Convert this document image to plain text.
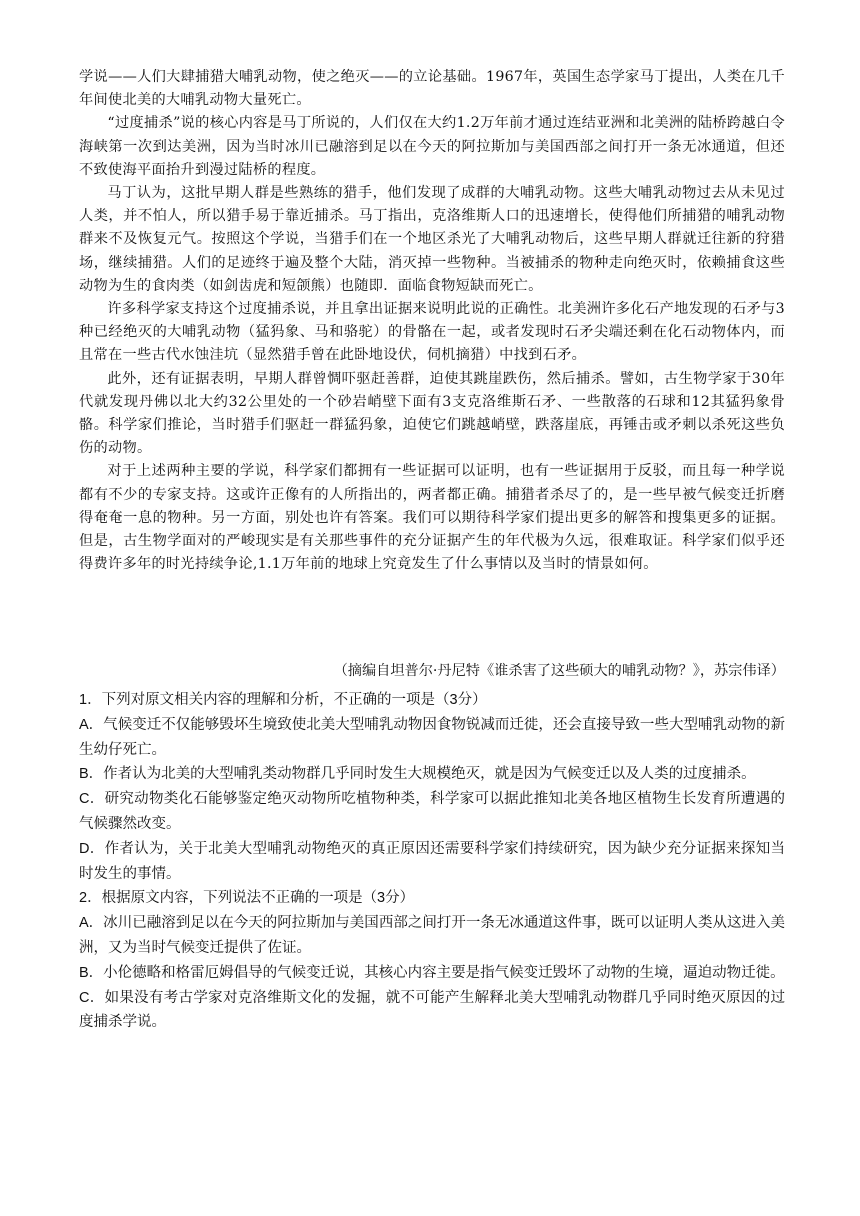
学说——人们大肆捕猎大哺乳动物，使之绝灭——的立论基础。1967年，英国生态学家马丁提出，人类在几千年间使北美的大哺乳动物大量死亡。

“过度捕杀”说的核心内容是马丁所说的，人们仅在大约1.2万年前才通过连结亚洲和北美洲的陆桥跨越白令海峡第一次到达美洲，因为当时冰川已融溶到足以在今天的阿拉斯加与美国西部之间打开一条无冰通道，但还不致使海平面抬升到漫过陆桥的程度。

马丁认为，这批早期人群是些熟练的猎手，他们发现了成群的大哺乳动物。这些大哺乳动物过去从未见过人类，并不怕人，所以猎手易于靠近捕杀。马丁指出，克洛维斯人口的迅速增长，使得他们所捕猎的哺乳动物群来不及恢复元气。按照这个学说，当猎手们在一个地区杀光了大哺乳动物后，这些早期人群就迁往新的狩猎场，继续捕猎。人们的足迹终于遍及整个大陆，消灭掉一些物种。当被捕杀的物种走向绝灭时，依赖捕食这些动物为生的食肉类（如剑齿虎和短颌熊）也随即．面临食物短缺而死亡。

许多科学家支持这个过度捕杀说，并且拿出证据来说明此说的正确性。北美洲许多化石产地发现的石矛与3种已经绝灭的大哺乳动物（猛犸象、马和骆驼）的骨骼在一起，或者发现时石矛尖端还剩在化石动物体内，而且常在一些古代水蚀洼坑（显然猎手曾在此卧地设伏，伺机摘猎）中找到石矛。

此外，还有证据表明，早期人群曾惆吓驱赶善群，迫使其跳崖跌伤，然后捕杀。譬如，古生物学家于30年代就发现丹佛以北大约32公里处的一个砂岩峭壁下面有3支克洛维斯石矛、一些散落的石球和12其猛犸象骨骼。科学家们推论，当时猎手们驱赶一群猛犸象，迫使它们跳越峭壁，跌落崖底，再锤击或矛刺以杀死这些负伤的动物。

对于上述两种主要的学说，科学家们都拥有一些证据可以证明，也有一些证据用于反驳，而且每一种学说都有不少的专家支持。这或许正像有的人所指出的，两者都正确。捕猎者杀尽了的，是一些早被气候变迁折磨得奄奄一息的物种。另一方面，别处也许有答案。我们可以期待科学家们提出更多的解答和搜集更多的证据。但是，古生物学面对的严峻现实是有关那些事件的充分证据产生的年代极为久远，很难取证。科学家们似乎还得费许多年的时光持续争论,1.1万年前的地球上究竟发生了什么事情以及当时的情景如何。

（摘编自坦普尔·丹尼特《谁杀害了这些硕大的哺乳动物？》，苏宗伟译）

1．下列对原文相关内容的理解和分析，不正确的一项是（3分）

A．气候变迁不仅能够毁坏生境致使北美大型哺乳动物因食物锐减而迁徙，还会直接导致一些大型哺乳动物的新生幼仔死亡。

B．作者认为北美的大型哺乳类动物群几乎同时发生大规模绝灭，就是因为气候变迁以及人类的过度捕杀。

C．研究动物类化石能够鉴定绝灭动物所吃植物种类，科学家可以据此推知北美各地区植物生长发育所遭遇的气候骤然改变。

D．作者认为，关于北美大型哺乳动物绝灭的真正原因还需要科学家们持续研究，因为缺少充分证据来探知当时发生的事情。

2．根据原文内容，下列说法不正确的一项是（3分）

A．冰川已融溶到足以在今天的阿拉斯加与美国西部之间打开一条无冰通道这件事，既可以证明人类从这进入美洲，又为当时气候变迁提供了佐证。

B．小伦德略和格雷厄姆倡导的气候变迁说，其核心内容主要是指气候变迁毁坏了动物的生境，逼迫动物迁徙。

C．如果没有考古学家对克洛维斯文化的发掘，就不可能产生解释北美大型哺乳动物群几乎同时绝灭原因的过度捕杀学说。
